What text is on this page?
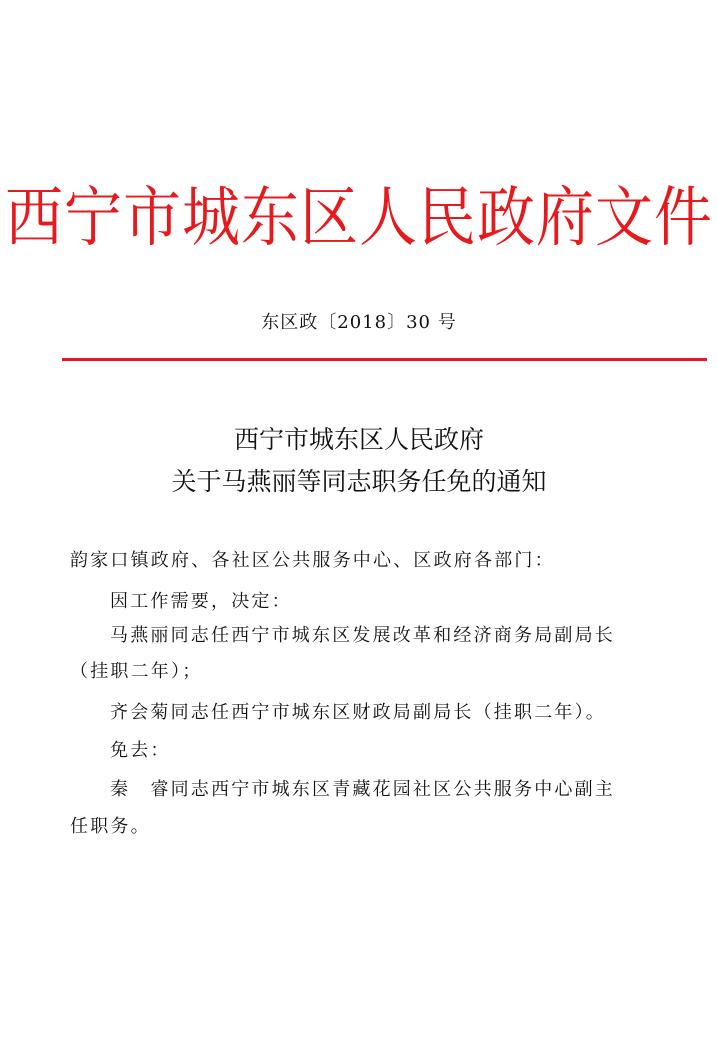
西宁市城东区人民政府文件
东区政〔2018〕30 号
西宁市城东区人民政府
关于马燕丽等同志职务任免的通知
韵家口镇政府、各社区公共服务中心、区政府各部门：
因工作需要，决定：
马燕丽同志任西宁市城东区发展改革和经济商务局副局长
（挂职二年）；
齐会菊同志任西宁市城东区财政局副局长（挂职二年）。
免去：
秦　睿同志西宁市城东区青藏花园社区公共服务中心副主
任职务。
